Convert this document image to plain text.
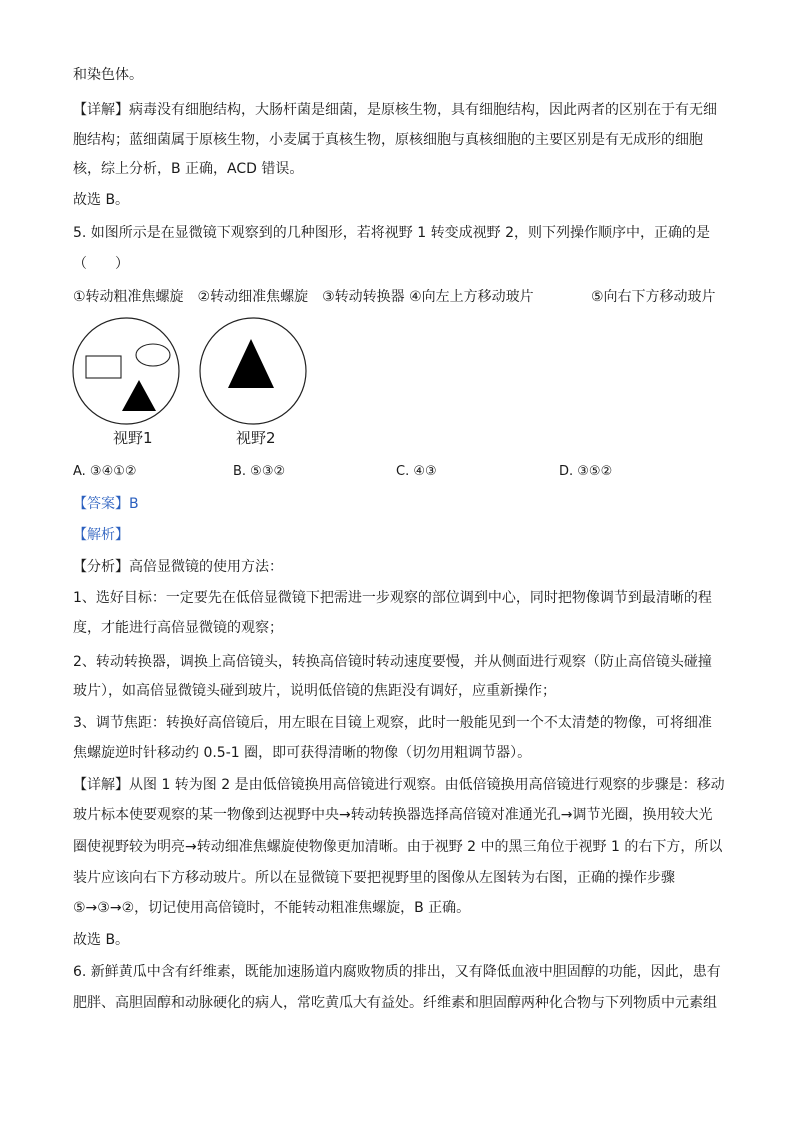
和染色体。
【详解】病毒没有细胞结构，大肠杆菌是细菌，是原核生物，具有细胞结构，因此两者的区别在于有无细
胞结构；蓝细菌属于原核生物，小麦属于真核生物，原核细胞与真核细胞的主要区别是有无成形的细胞
核，综上分析，B 正确，ACD 错误。
故选 B。
5. 如图所示是在显微镜下观察到的几种图形，若将视野 1 转变成视野 2，则下列操作顺序中，正确的是
（　　）
①转动粗准焦螺旋　②转动细准焦螺旋　③转动转换器 ④向左上方移动玻片	⑤向右下方移动玻片
视野1	视野2
A. ③④①②	B. ⑤③②	C. ④③	D. ③⑤②
【答案】B
【解析】
【分析】高倍显微镜的使用方法：
1、选好目标：一定要先在低倍显微镜下把需进一步观察的部位调到中心，同时把物像调节到最清晰的程
度，才能进行高倍显微镜的观察；
2、转动转换器，调换上高倍镜头，转换高倍镜时转动速度要慢，并从侧面进行观察（防止高倍镜头碰撞
玻片），如高倍显微镜头碰到玻片，说明低倍镜的焦距没有调好，应重新操作；
3、调节焦距：转换好高倍镜后，用左眼在目镜上观察，此时一般能见到一个不太清楚的物像，可将细准
焦螺旋逆时针移动约 0.5-1 圈，即可获得清晰的物像（切勿用粗调节器）。
【详解】从图 1 转为图 2 是由低倍镜换用高倍镜进行观察。由低倍镜换用高倍镜进行观察的步骤是：移动
玻片标本使要观察的某一物像到达视野中央→转动转换器选择高倍镜对准通光孔→调节光圈，换用较大光
圈使视野较为明亮→转动细准焦螺旋使物像更加清晰。由于视野 2 中的黑三角位于视野 1 的右下方，所以
装片应该向右下方移动玻片。所以在显微镜下要把视野里的图像从左图转为右图，正确的操作步骤
⑤→③→②，切记使用高倍镜时，不能转动粗准焦螺旋，B 正确。
故选 B。
6. 新鲜黄瓜中含有纤维素，既能加速肠道内腐败物质的排出，又有降低血液中胆固醇的功能，因此，患有
肥胖、高胆固醇和动脉硬化的病人，常吃黄瓜大有益处。纤维素和胆固醇两种化合物与下列物质中元素组
